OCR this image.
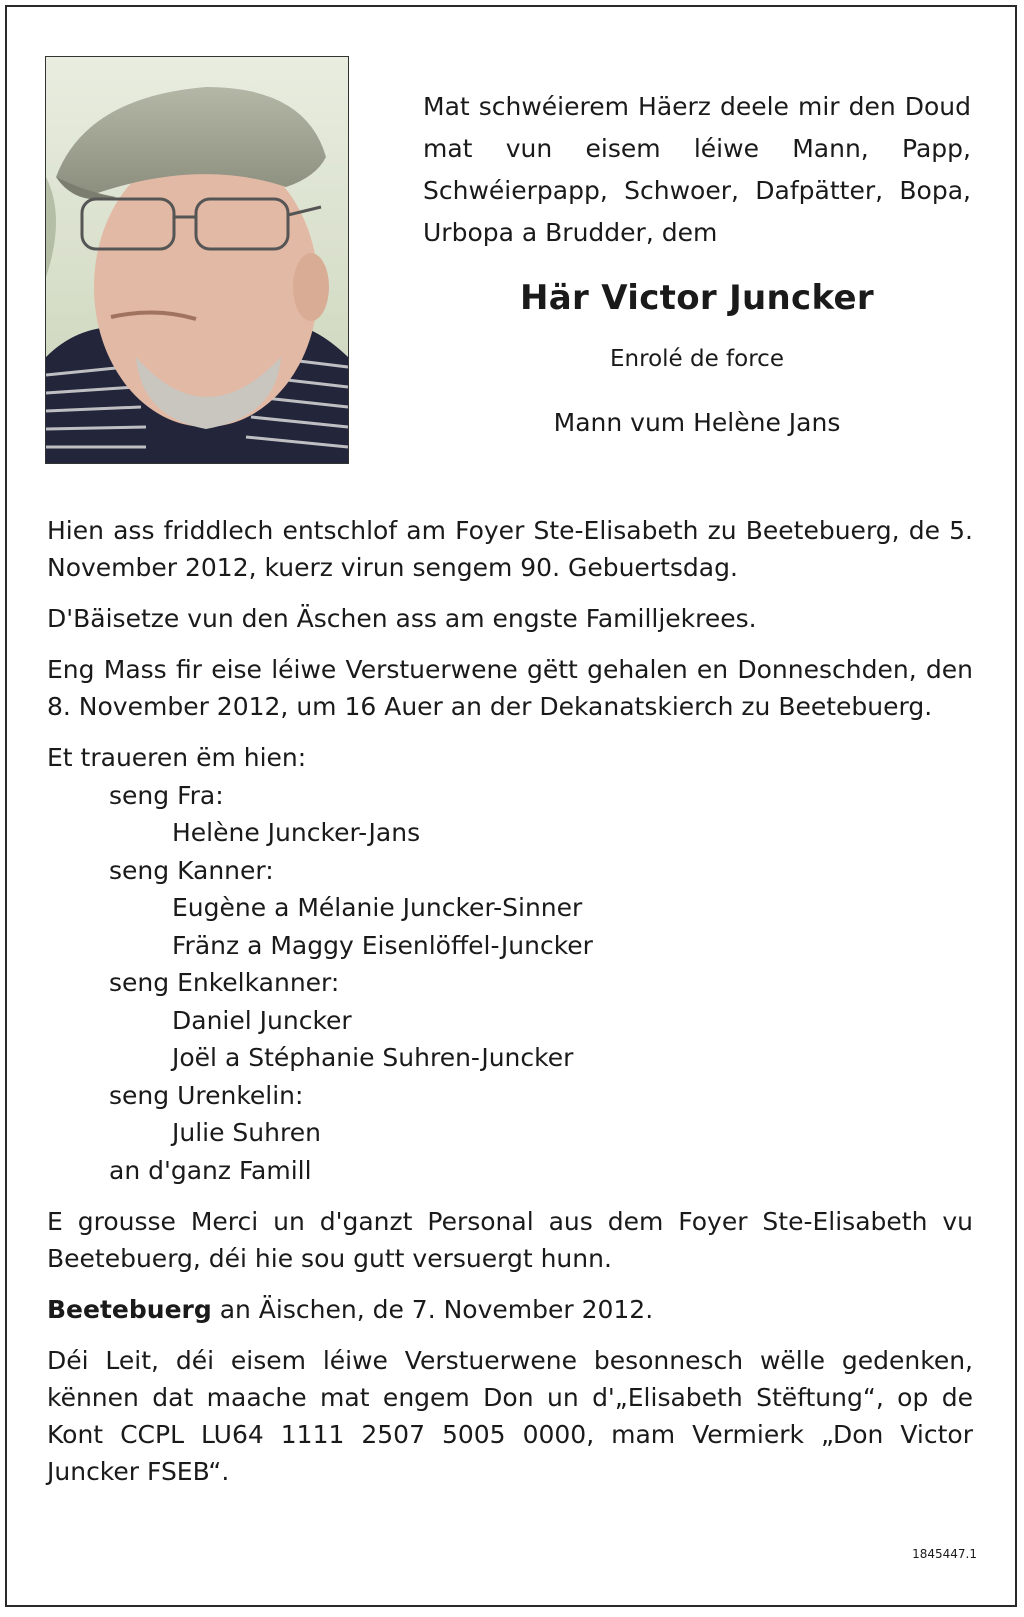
Mat schwéierem Häerz deele mir den Doud mat vun eisem léiwe Mann, Papp, Schwéierpapp, Schwoer, Dafpätter, Bopa, Urbopa a Brudder, dem

Här Victor Juncker

Enrolé de force

Mann vum Helène Jans

Hien ass friddlech entschlof am Foyer Ste-Elisabeth zu Beetebuerg, de 5. November 2012, kuerz virun sengem 90. Gebuertsdag.

D'Bäisetze vun den Äschen ass am engste Familljekrees.

Eng Mass fir eise léiwe Verstuerwene gëtt gehalen en Donneschden, den 8. November 2012, um 16 Auer an der Dekanatskierch zu Beetebuerg.

Et traueren ëm hien:
seng Fra:
Helène Juncker-Jans
seng Kanner:
Eugène a Mélanie Juncker-Sinner
Fränz a Maggy Eisenlöffel-Juncker
seng Enkelkanner:
Daniel Juncker
Joël a Stéphanie Suhren-Juncker
seng Urenkelin:
Julie Suhren
an d'ganz Famill

E grousse Merci un d'ganzt Personal aus dem Foyer Ste-Elisabeth vu Beetebuerg, déi hie sou gutt versuergt hunn.

Beetebuerg an Äischen, de 7. November 2012.

Déi Leit, déi eisem léiwe Verstuerwene besonnesch wëlle gedenken, kënnen dat maache mat engem Don un d'„Elisabeth Stëftung“, op de Kont CCPL LU64 1111 2507 5005 0000, mam Vermierk „Don Victor Juncker FSEB“.

1845447.1
